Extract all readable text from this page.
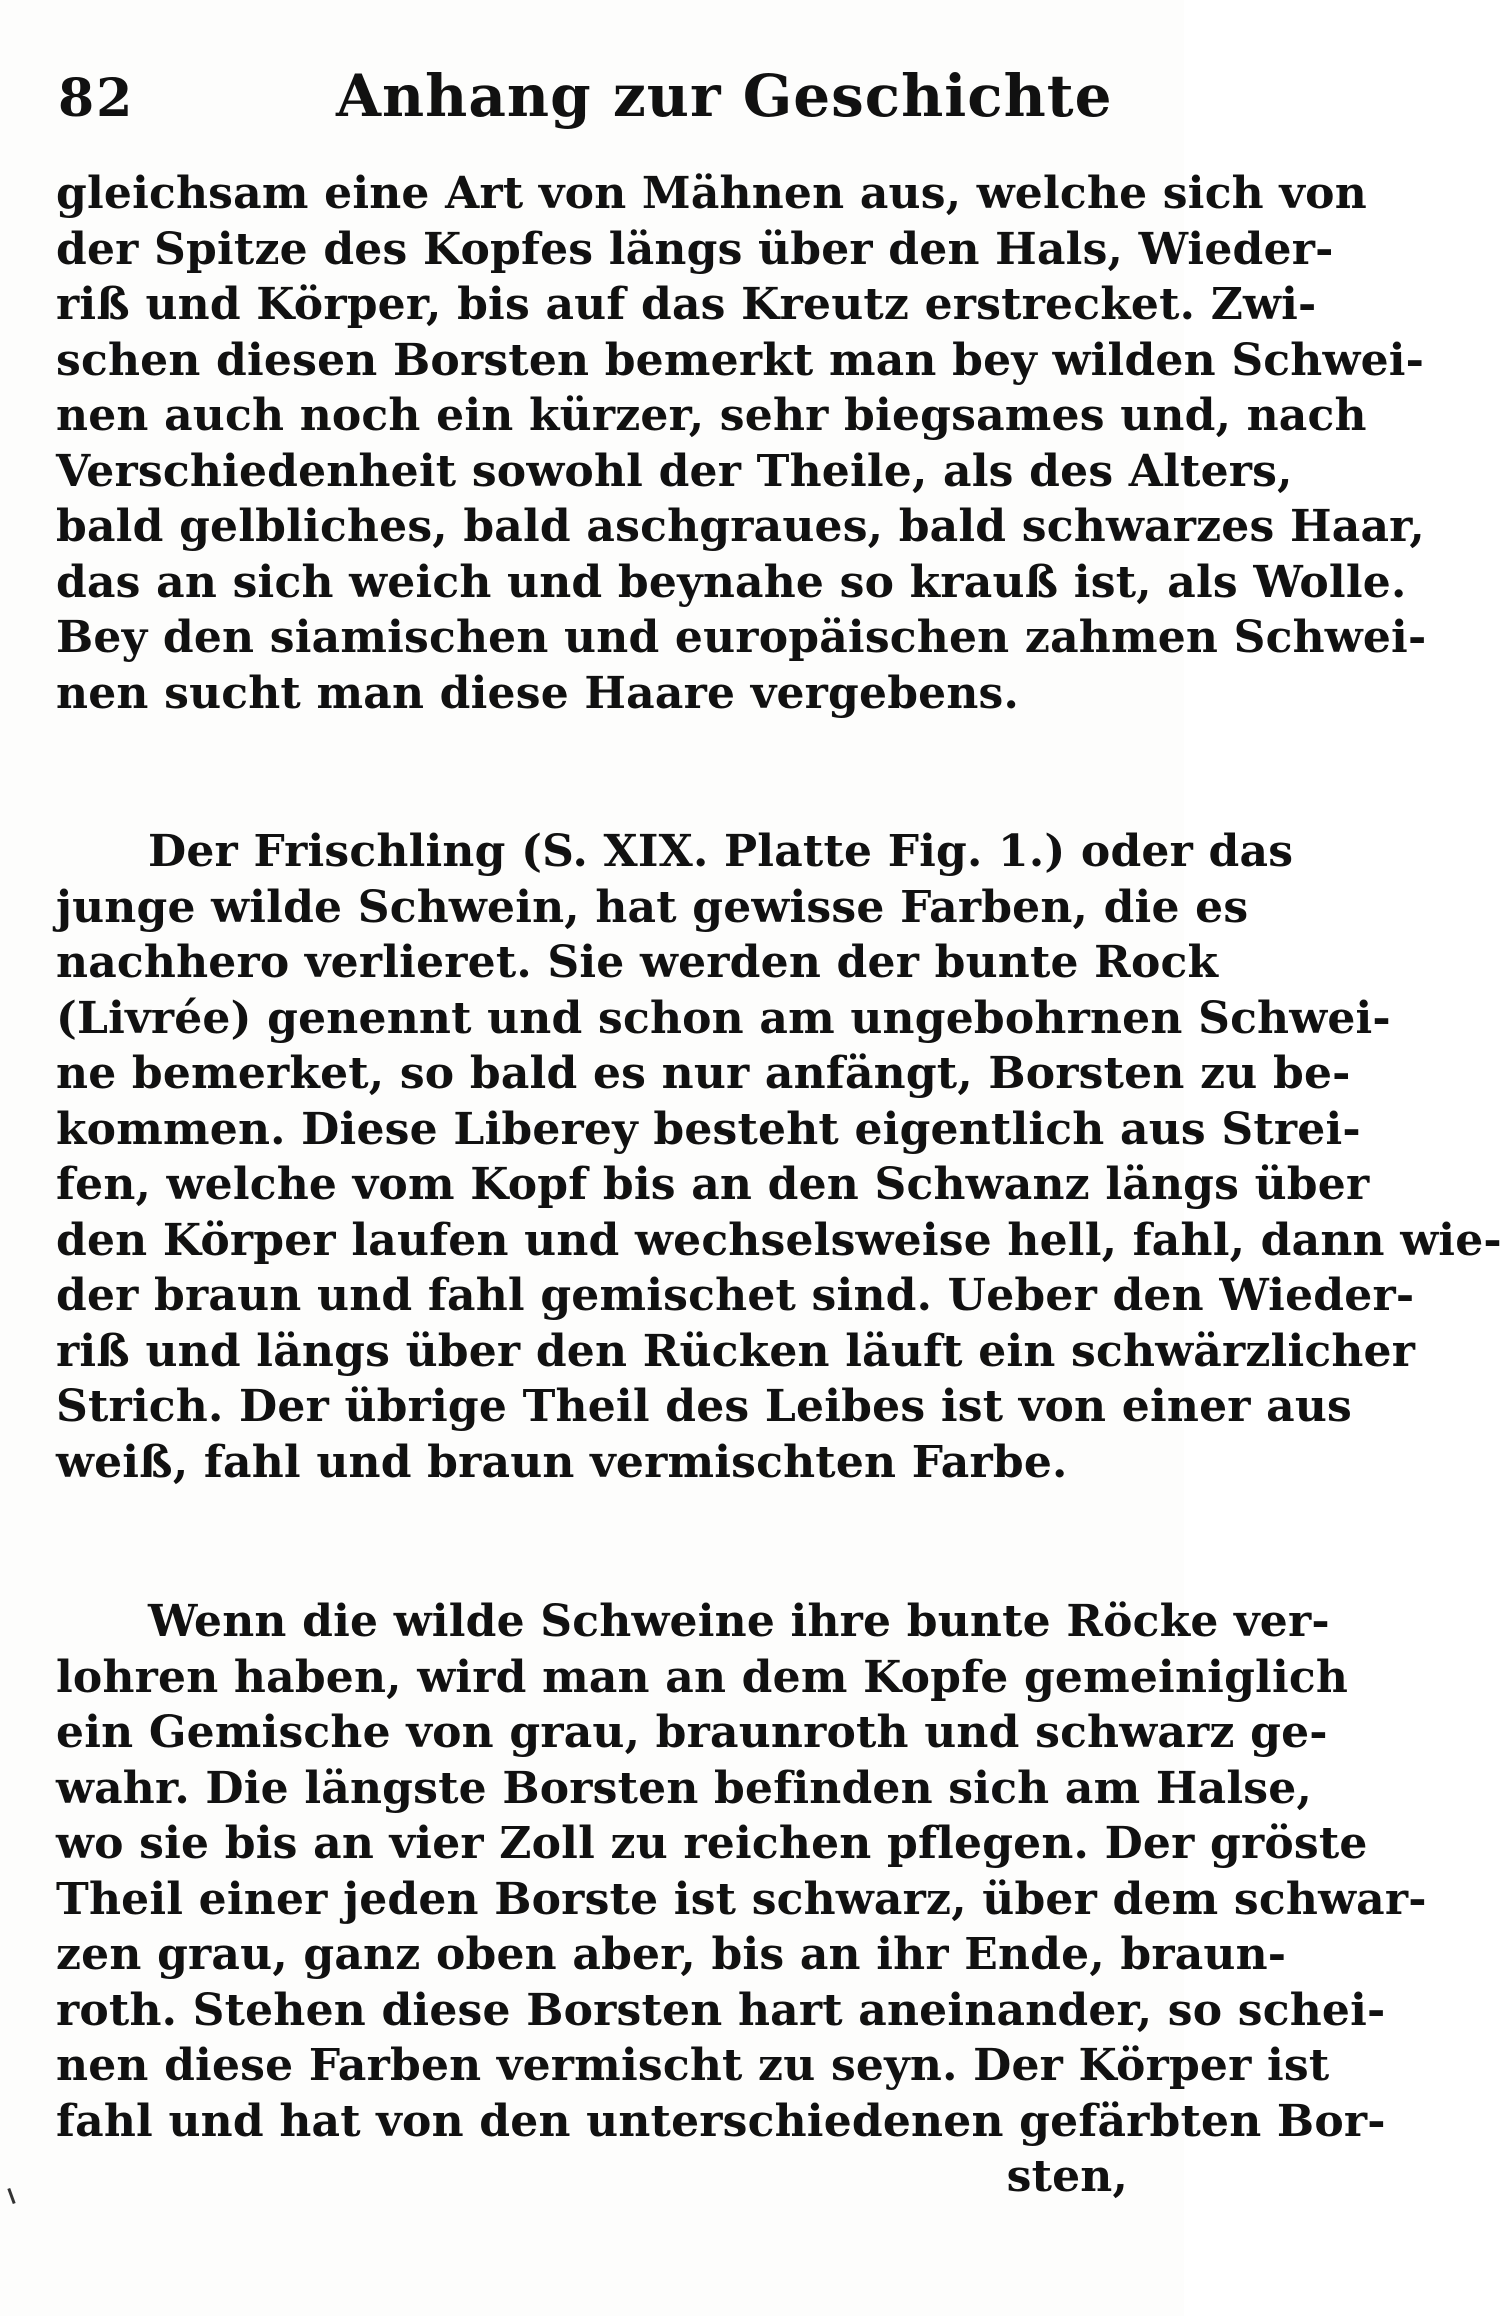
82	Anhang zur Geschichte
gleichsam eine Art von Mähnen aus, welche sich von
der Spitze des Kopfes längs über den Hals, Wieder-
riß und Körper, bis auf das Kreutz erstrecket. Zwi-
schen diesen Borsten bemerkt man bey wilden Schwei-
nen auch noch ein kürzer, sehr biegsames und, nach
Verschiedenheit sowohl der Theile, als des Alters,
bald gelbliches, bald aschgraues, bald schwarzes Haar,
das an sich weich und beynahe so krauß ist, als Wolle.
Bey den siamischen und europäischen zahmen Schwei-
nen sucht man diese Haare vergebens.
Der Frischling (S. XIX. Platte Fig. 1.) oder das
junge wilde Schwein, hat gewisse Farben, die es
nachhero verlieret. Sie werden der bunte Rock
(Livrée) genennt und schon am ungebohrnen Schwei-
ne bemerket, so bald es nur anfängt, Borsten zu be-
kommen. Diese Liberey besteht eigentlich aus Strei-
fen, welche vom Kopf bis an den Schwanz längs über
den Körper laufen und wechselsweise hell, fahl, dann wie-
der braun und fahl gemischet sind. Ueber den Wieder-
riß und längs über den Rücken läuft ein schwärzlicher
Strich. Der übrige Theil des Leibes ist von einer aus
weiß, fahl und braun vermischten Farbe.
Wenn die wilde Schweine ihre bunte Röcke ver-
lohren haben, wird man an dem Kopfe gemeiniglich
ein Gemische von grau, braunroth und schwarz ge-
wahr. Die längste Borsten befinden sich am Halse,
wo sie bis an vier Zoll zu reichen pflegen. Der gröste
Theil einer jeden Borste ist schwarz, über dem schwar-
zen grau, ganz oben aber, bis an ihr Ende, braun-
roth. Stehen diese Borsten hart aneinander, so schei-
nen diese Farben vermischt zu seyn. Der Körper ist
fahl und hat von den unterschiedenen gefärbten Bor-
sten,
